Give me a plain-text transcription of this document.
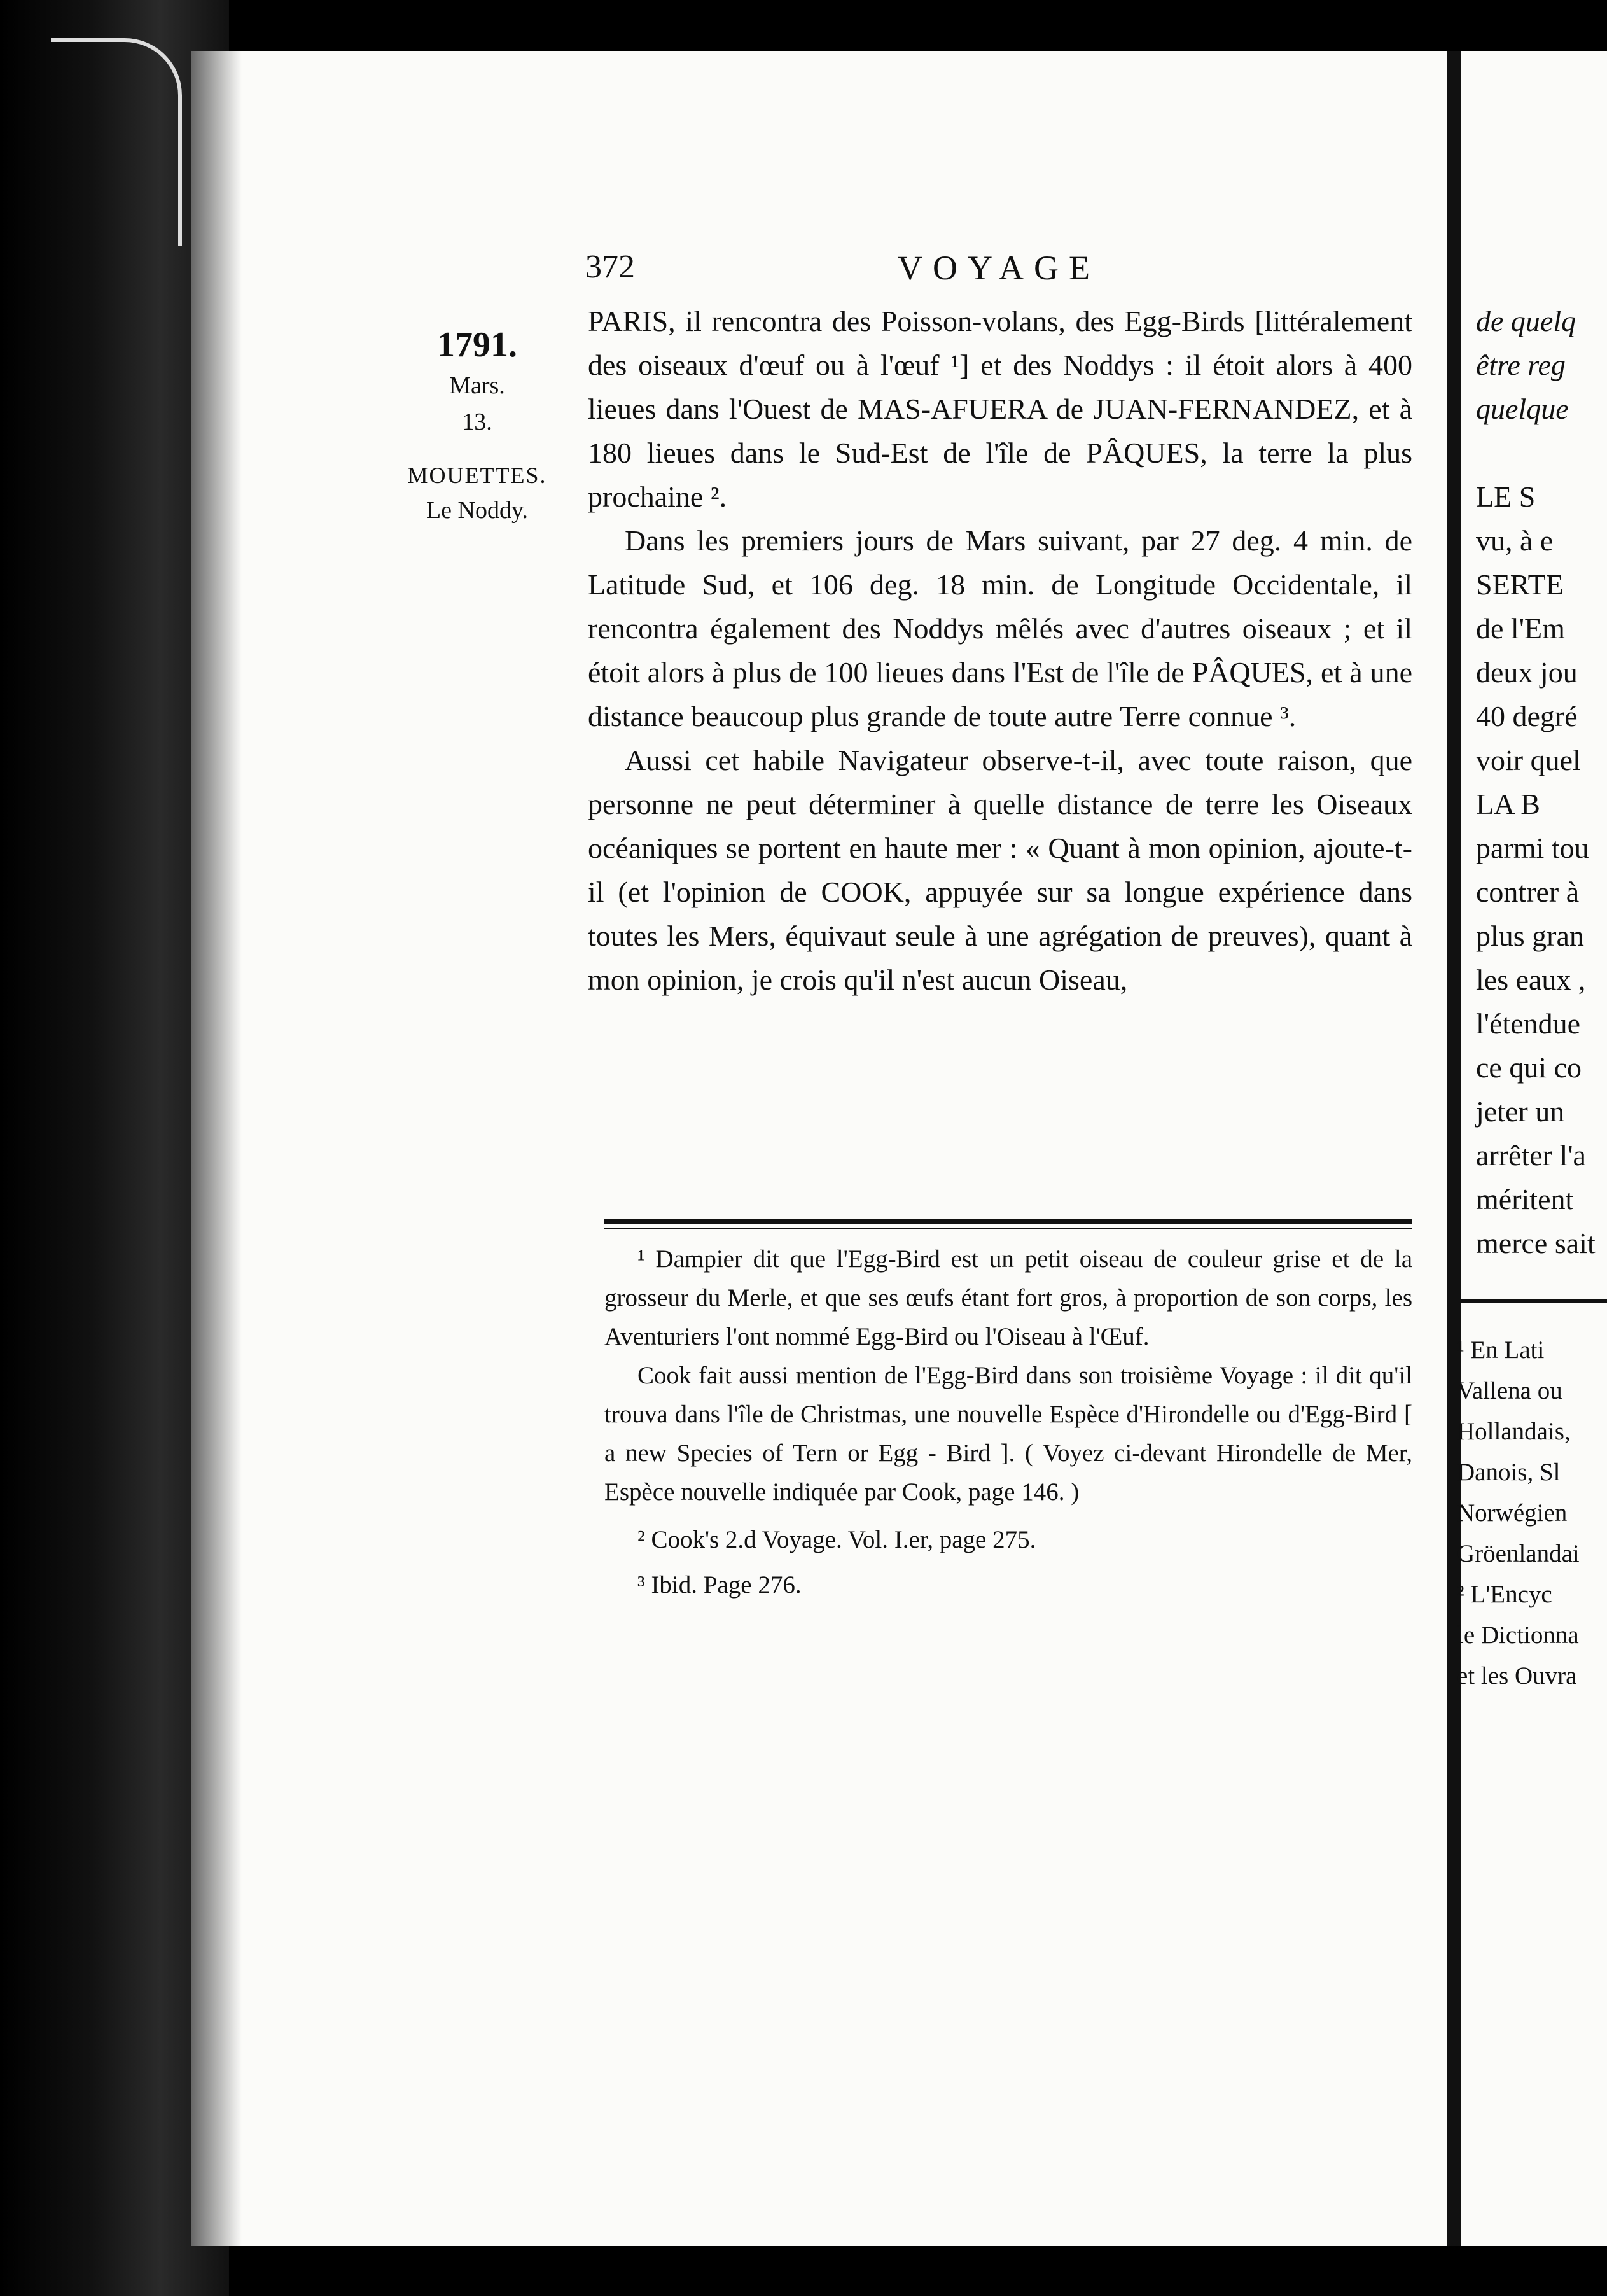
372	VOYAGE
1791.
Mars.
13.
MOUETTES.
Le Noddy.

PARIS, il rencontra des Poisson-volans, des Egg-Birds [littéralement des oiseaux d'œuf ou à l'œuf ¹] et des Noddys : il étoit alors à 400 lieues dans l'Ouest de MAS-AFUERA de JUAN-FERNANDEZ, et à 180 lieues dans le Sud-Est de l'île de PÂQUES, la terre la plus prochaine ².

Dans les premiers jours de Mars suivant, par 27 deg. 4 min. de Latitude Sud, et 106 deg. 18 min. de Longitude Occidentale, il rencontra également des Noddys mêlés avec d'autres oiseaux ; et il étoit alors à plus de 100 lieues dans l'Est de l'île de PÂQUES, et à une distance beaucoup plus grande de toute autre Terre connue ³.

Aussi cet habile Navigateur observe-t-il, avec toute raison, que personne ne peut déterminer à quelle distance de terre les Oiseaux océaniques se portent en haute mer : « Quant à mon opinion, ajoute-t-il (et l'opinion de COOK, appuyée sur sa longue expérience dans toutes les Mers, équivaut seule à une agrégation de preuves), quant à mon opinion, je crois qu'il n'est aucun Oiseau,

¹ Dampier dit que l'Egg-Bird est un petit oiseau de couleur grise et de la grosseur du Merle, et que ses œufs étant fort gros, à proportion de son corps, les Aventuriers l'ont nommé Egg-Bird ou l'Oiseau à l'Œuf.

Cook fait aussi mention de l'Egg-Bird dans son troisième Voyage : il dit qu'il trouva dans l'île de Christmas, une nouvelle Espèce d'Hirondelle ou d'Egg-Bird [ a new Species of Tern or Egg - Bird ]. ( Voyez ci-devant Hirondelle de Mer, Espèce nouvelle indiquée par Cook, page 146. )

² Cook's 2.d Voyage. Vol. I.er, page 275.

³ Ibid. Page 276.

de quelq
être reg
quelque
LE S
vu, à e
SERTE
de l'Em
deux jou
40 degré
voir quel
LA B
parmi tou
contrer à
plus gran
les eaux ,
l'étendue
ce qui co
jeter un
arrêter l'a
méritent
merce sait
¹ En Lati
Vallena ou
Hollandais,
Danois, Sl
Norwégien
Gröenlandai
² L'Encyc
le Dictionna
et les Ouvra
